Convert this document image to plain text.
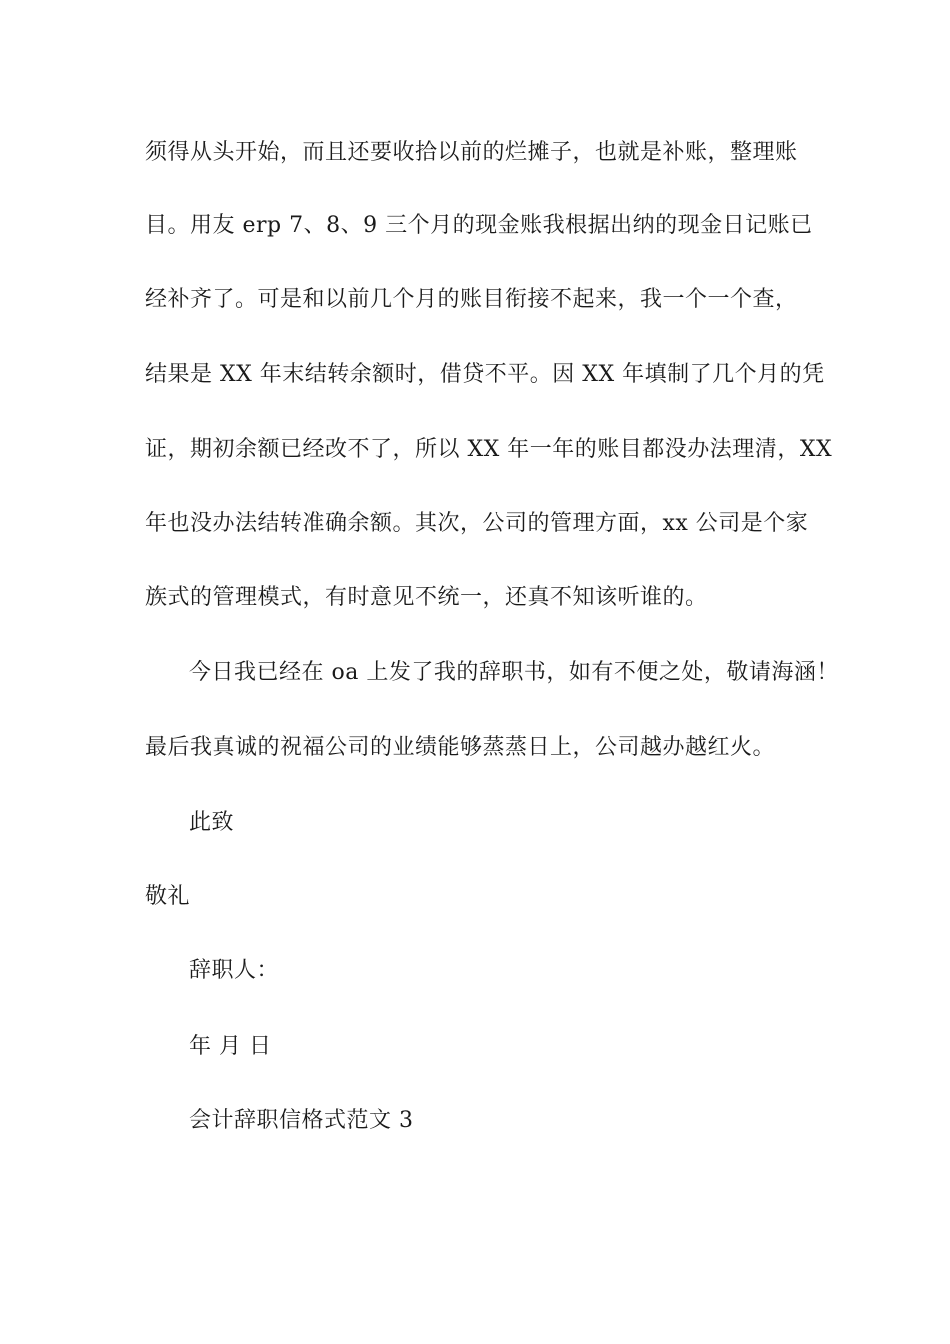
须得从头开始，而且还要收拾以前的烂摊子，也就是补账，整理账
目。用友 erp 7、8、9 三个月的现金账我根据出纳的现金日记账已
经补齐了。可是和以前几个月的账目衔接不起来，我一个一个查，
结果是 XX 年末结转余额时，借贷不平。因 XX 年填制了几个月的凭
证，期初余额已经改不了，所以 XX 年一年的账目都没办法理清，XX
年也没办法结转准确余额。其次，公司的管理方面，xx 公司是个家
族式的管理模式，有时意见不统一，还真不知该听谁的。
今日我已经在 oa 上发了我的辞职书，如有不便之处，敬请海涵！
最后我真诚的祝福公司的业绩能够蒸蒸日上，公司越办越红火。
此致
敬礼
辞职人：
年 月 日
会计辞职信格式范文 3
